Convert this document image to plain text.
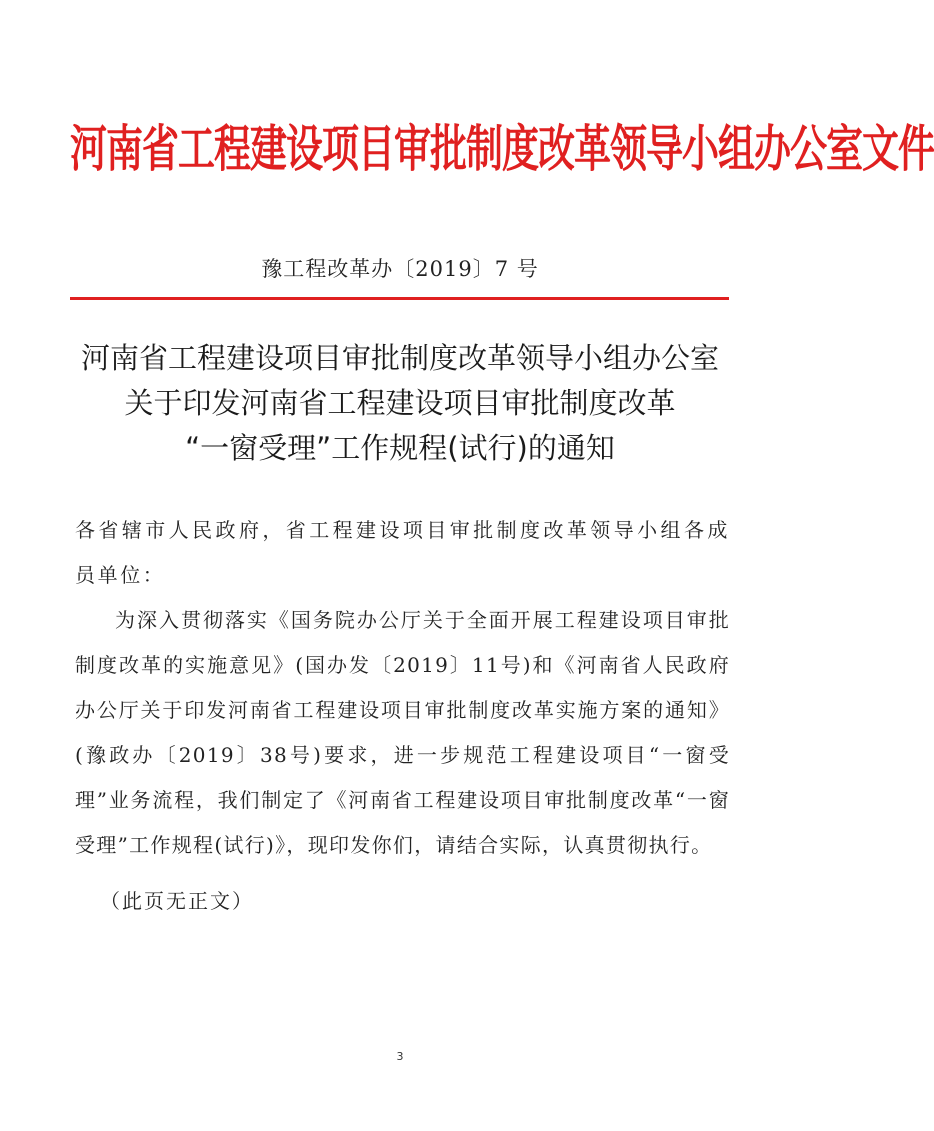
河南省工程建设项目审批制度改革领导小组办公室文件
豫工程改革办〔2019〕7 号
河南省工程建设项目审批制度改革领导小组办公室
关于印发河南省工程建设项目审批制度改革
“一窗受理”工作规程(试行)的通知

各省辖市人民政府，省工程建设项目审批制度改革领导小组各成员单位：

为深入贯彻落实《国务院办公厅关于全面开展工程建设项目审批制度改革的实施意见》(国办发〔2019〕11号)和《河南省人民政府办公厅关于印发河南省工程建设项目审批制度改革实施方案的通知》(豫政办〔2019〕38号)要求，进一步规范工程建设项目“一窗受理”业务流程，我们制定了《河南省工程建设项目审批制度改革“一窗受理”工作规程(试行)》，现印发你们，请结合实际，认真贯彻执行。

（此页无正文）
3
